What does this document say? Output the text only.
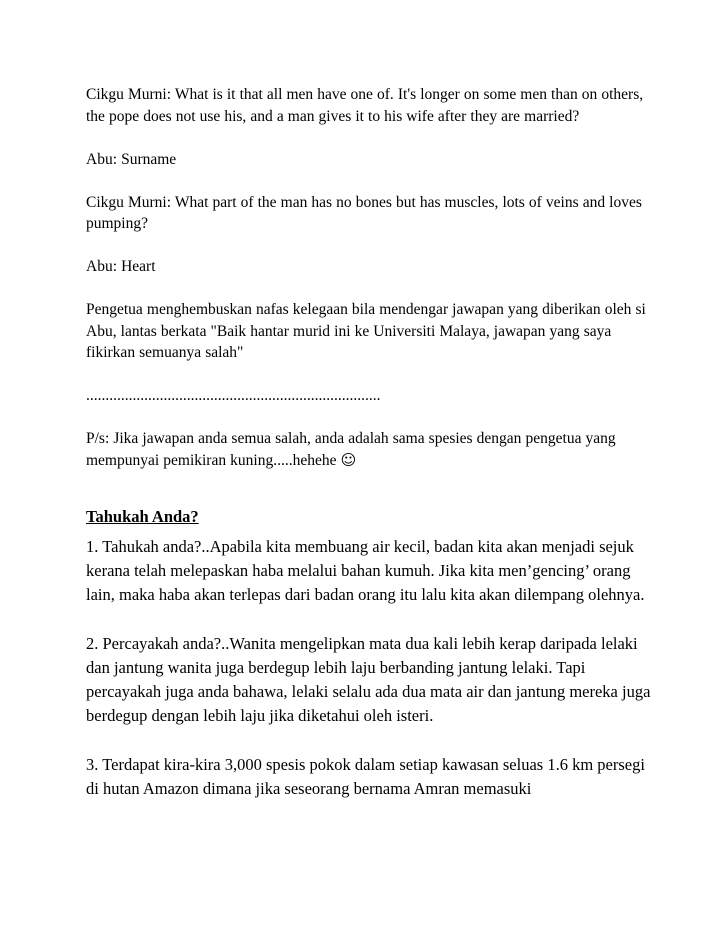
Cikgu Murni: What is it that all men have one of. It's longer on some men than on others, the pope does not use his, and a man gives it to his wife after they are married?

Abu: Surname

Cikgu Murni: What part of the man has no bones but has muscles, lots of veins and loves pumping?

Abu: Heart

Pengetua menghembuskan nafas kelegaan bila mendengar jawapan yang diberikan oleh si Abu, lantas berkata "Baik hantar murid ini ke Universiti Malaya, jawapan yang saya fikirkan semuanya salah"

............................................................................

P/s: Jika jawapan anda semua salah, anda adalah sama spesies dengan pengetua yang mempunyai pemikiran kuning.....hehehe ☺

Tahukah Anda?

1. Tahukah anda?..Apabila kita membuang air kecil, badan kita akan menjadi sejuk kerana telah melepaskan haba melalui bahan kumuh. Jika kita men’gencing’ orang lain, maka haba akan terlepas dari badan orang itu lalu kita akan dilempang olehnya.

2. Percayakah anda?..Wanita mengelipkan mata dua kali lebih kerap daripada lelaki dan jantung wanita juga berdegup lebih laju berbanding jantung lelaki. Tapi percayakah juga anda bahawa, lelaki selalu ada dua mata air dan jantung mereka juga berdegup dengan lebih laju jika diketahui oleh isteri.

3. Terdapat kira-kira 3,000 spesis pokok dalam setiap kawasan seluas 1.6 km persegi di hutan Amazon dimana jika seseorang bernama Amran memasuki
